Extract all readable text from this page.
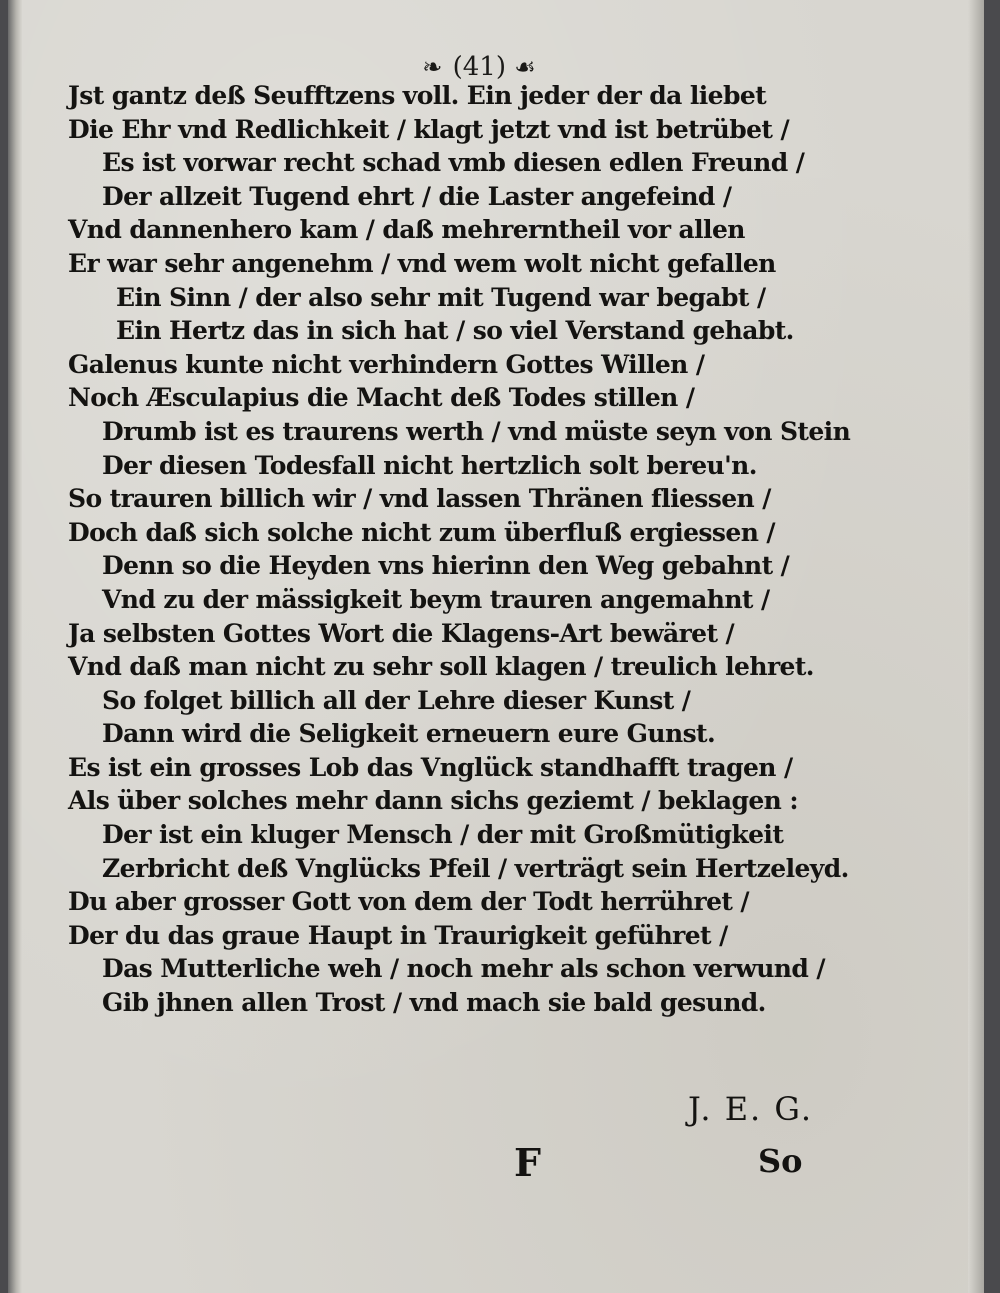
❧ (41) ☙
Jst gantz deß Seufftzens voll. Ein jeder der da liebet
Die Ehr vnd Redlichkeit / klagt jetzt vnd ist betrübet /
Es ist vorwar recht schad vmb diesen edlen Freund /
Der allzeit Tugend ehrt / die Laster angefeind /
Vnd dannenhero kam / daß mehrerntheil vor allen
Er war sehr angenehm / vnd wem wolt nicht gefallen
Ein Sinn / der also sehr mit Tugend war begabt /
Ein Hertz das in sich hat / so viel Verstand gehabt.
Galenus kunte nicht verhindern Gottes Willen /
Noch Æsculapius die Macht deß Todes stillen /
Drumb ist es traurens werth / vnd müste seyn von Stein
Der diesen Todesfall nicht hertzlich solt bereu'n.
So trauren billich wir / vnd lassen Thränen fliessen /
Doch daß sich solche nicht zum überfluß ergiessen /
Denn so die Heyden vns hierinn den Weg gebahnt /
Vnd zu der mässigkeit beym trauren angemahnt /
Ja selbsten Gottes Wort die Klagens-Art bewäret /
Vnd daß man nicht zu sehr soll klagen / treulich lehret.
So folget billich all der Lehre dieser Kunst /
Dann wird die Seligkeit erneuern eure Gunst.
Es ist ein grosses Lob das Vnglück standhafft tragen /
Als über solches mehr dann sichs geziemt / beklagen :
Der ist ein kluger Mensch / der mit Großmütigkeit
Zerbricht deß Vnglücks Pfeil / verträgt sein Hertzeleyd.
Du aber grosser Gott von dem der Todt herrühret /
Der du das graue Haupt in Traurigkeit geführet /
Das Mutterliche weh / noch mehr als schon verwund /
Gib jhnen allen Trost / vnd mach sie bald gesund.
J. E. G.
F	So
